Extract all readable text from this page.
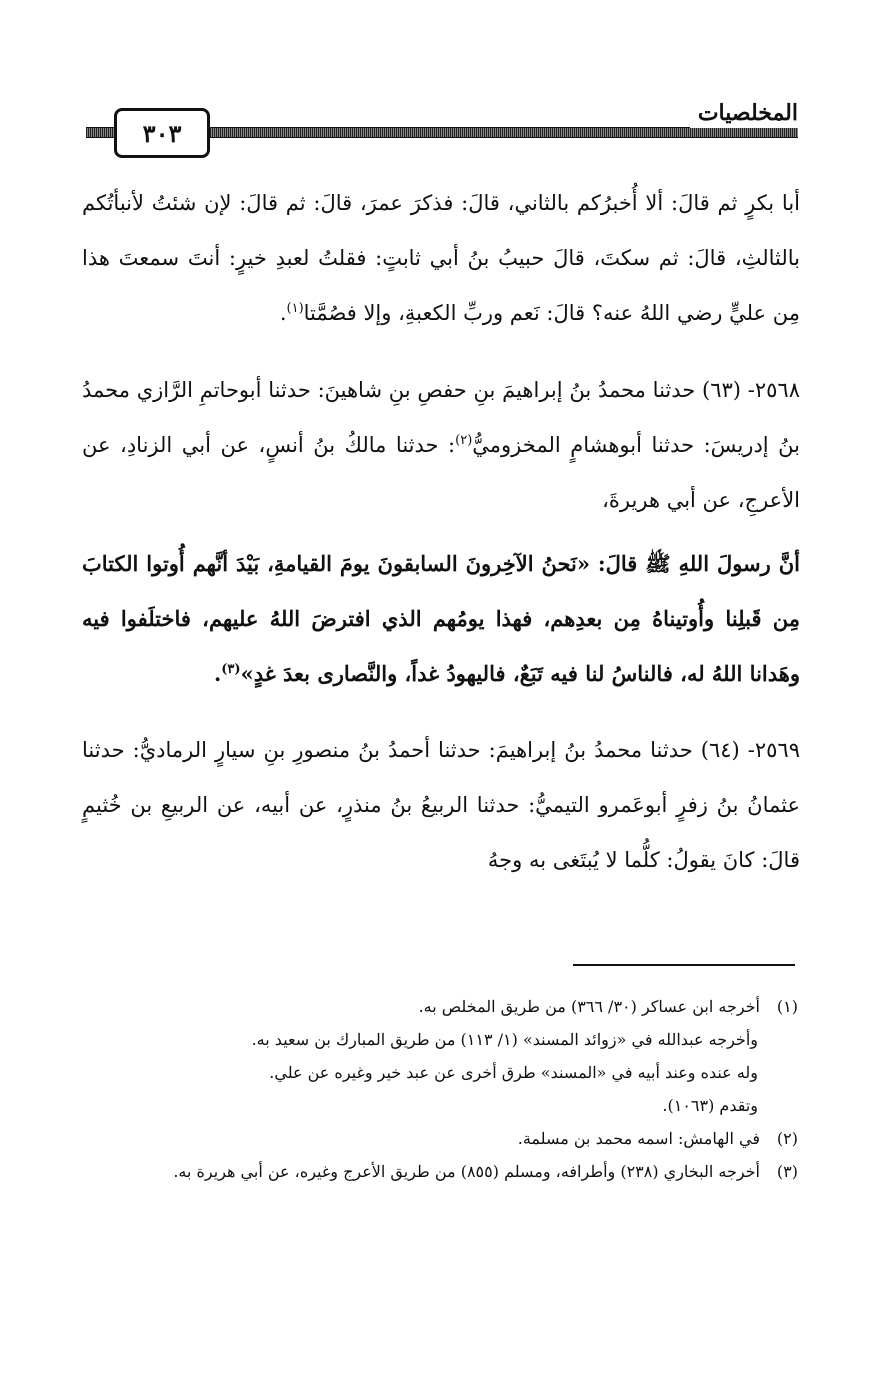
المخلصيات
٣٠٣

أبا بكرٍ ثم قالَ: ألا أُخبرُكم بالثاني، قالَ: فذكرَ عمرَ، قالَ: ثم قالَ: لإن شئتُ لأنبأتُكم بالثالثِ، قالَ: ثم سكتَ، قالَ حبيبُ بنُ أبي ثابتٍ: فقلتُ لعبدِ خيرٍ: أنتَ سمعتَ هذا مِن عليٍّ رضي اللهُ عنه؟ قالَ: نَعم وربِّ الكعبةِ، وإلا فصُمَّتا$^{(١)}$.

٢٥٦٨- (٦٣) حدثنا محمدُ بنُ إبراهيمَ بنِ حفصِ بنِ شاهينَ: حدثنا أبوحاتمِ الرَّازي محمدُ بنُ إدريسَ: حدثنا أبوهشامٍ المخزوميُّ$^{(٢)}$: حدثنا مالكُ بنُ أنسٍ، عن أبي الزنادِ، عن الأعرجِ، عن أبي هريرةَ،

أنَّ رسولَ اللهِ ﷺ قالَ: «نَحنُ الآخِرونَ السابقونَ يومَ القيامةِ، بَيْدَ أنَّهم أُوتوا الكتابَ مِن قَبلِنا وأُوتيناهُ مِن بعدِهم، فهذا يومُهم الذي افترضَ اللهُ عليهم، فاختلَفوا فيه وهَدانا اللهُ له، فالناسُ لنا فيه تَبَعٌ، فاليهودُ غداً، والنَّصارى بعدَ غدٍ»$^{(٣)}$.

٢٥٦٩- (٦٤) حدثنا محمدُ بنُ إبراهيمَ: حدثنا أحمدُ بنُ منصورِ بنِ سيارٍ الرماديُّ: حدثنا عثمانُ بنُ زفرٍ أبوعَمرو التيميُّ: حدثنا الربيعُ بنُ منذرٍ، عن أبيه، عن الربيعِ بن خُثيمٍ قالَ: كانَ يقولُ: كلُّما لا يُبتَغى به وجهُ

(١)أخرجه ابن عساكر (٣٠/ ٣٦٦) من طريق المخلص به.

وأخرجه عبدالله في «زوائد المسند» (١/ ١١٣) من طريق المبارك بن سعيد به.

وله عنده وعند أبيه في «المسند» طرق أخرى عن عبد خير وغيره عن علي.

وتقدم (١٠٦٣).

(٢)في الهامش: اسمه محمد بن مسلمة.

(٣)أخرجه البخاري (٢٣٨) وأطرافه، ومسلم (٨٥٥) من طريق الأعرج وغيره، عن أبي هريرة به.
